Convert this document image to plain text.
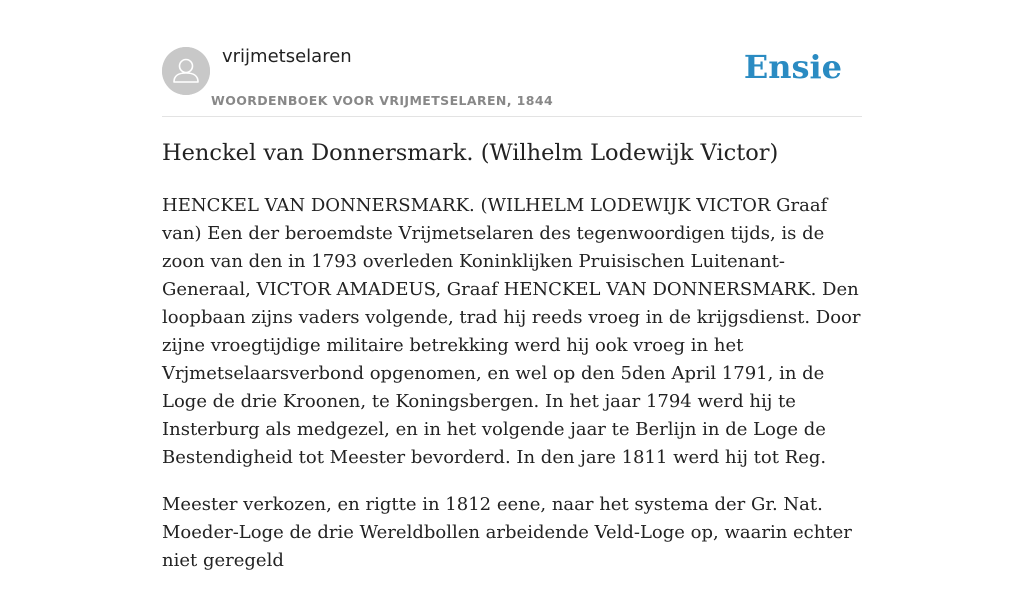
vrijmetselaren
WOORDENBOEK VOOR VRIJMETSELAREN, 1844
Ensie
Henckel van Donnersmark. (Wilhelm Lodewijk Victor)

HENCKEL VAN DONNERSMARK. (WILHELM LODEWIJK VICTOR Graaf van) Een der beroemdste Vrijmetselaren des tegenwoordigen tijds, is de zoon van den in 1793 overleden Koninklijken Pruisischen Luitenant-Generaal, VICTOR AMADEUS, Graaf HENCKEL VAN DONNERSMARK. Den loopbaan zijns vaders volgende, trad hij reeds vroeg in de krijgsdienst. Door zijne vroegtijdige militaire betrekking werd hij ook vroeg in het Vrjmetselaarsverbond opgenomen, en wel op den 5den April 1791, in de Loge de drie Kroonen, te Koningsbergen. In het jaar 1794 werd hij te Insterburg als medgezel, en in het volgende jaar te Berlijn in de Loge de Bestendigheid tot Meester bevorderd. In den jare 1811 werd hij tot Reg.

Meester verkozen, en rigtte in 1812 eene, naar het systema der Gr. Nat. Moeder-Loge de drie Wereldbollen arbeidende Veld-Loge op, waarin echter niet geregeld
